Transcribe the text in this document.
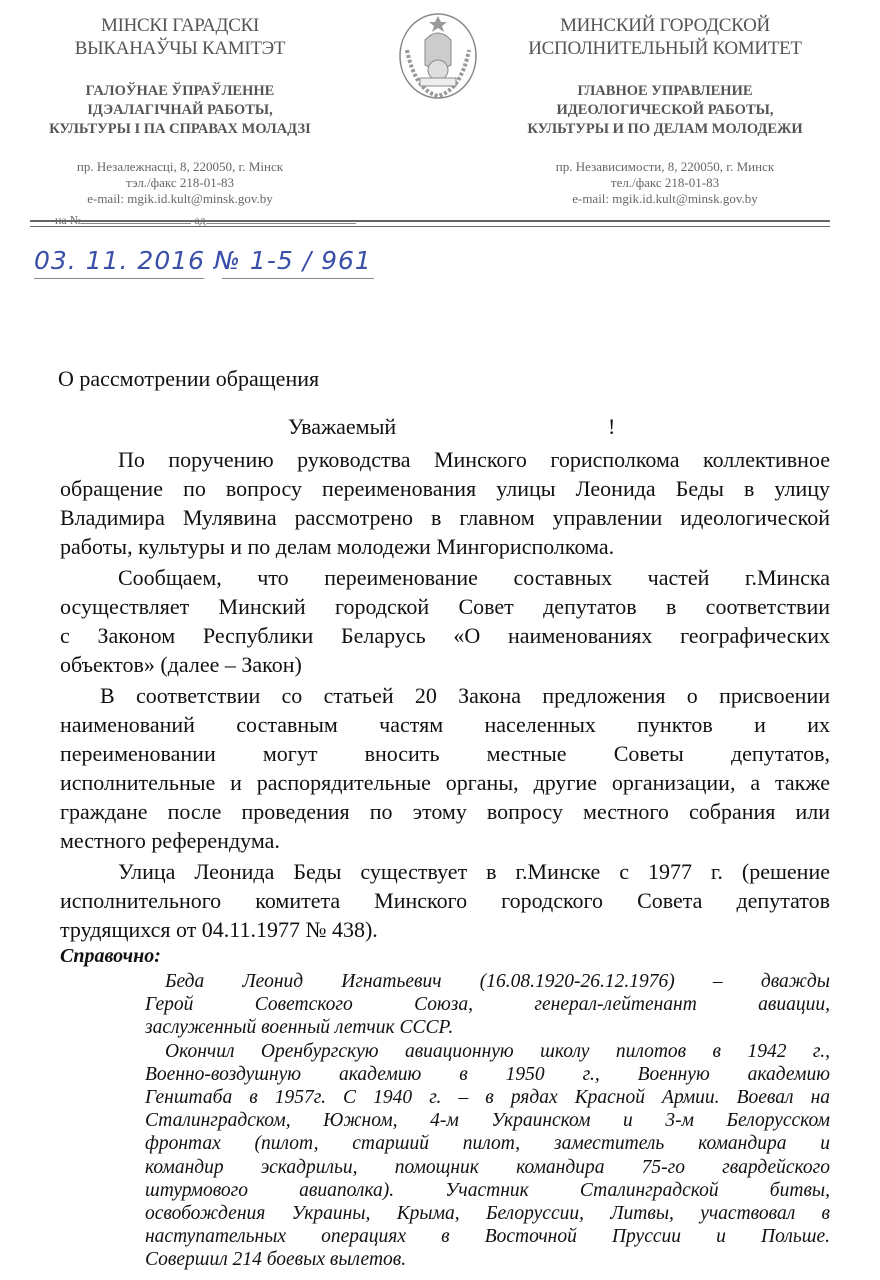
МІНСКІ ГАРАДСКІ
ВЫКАНАЎЧЫ КАМІТЭТ
ГАЛОЎНАЕ ЎПРАЎЛЕННЕ
ІДЭАЛАГІЧНАЙ РАБОТЫ,
КУЛЬТУРЫ І ПА СПРАВАХ МОЛАДЗІ
пр. Незалежнасці, 8, 220050, г. Мінск
тэл./факс 218-01-83
e-mail: mgik.id.kult@minsk.gov.by
МИНСКИЙ ГОРОДСКОЙ
ИСПОЛНИТЕЛЬНЫЙ КОМИТЕТ
ГЛАВНОЕ УПРАВЛЕНИЕ
ИДЕОЛОГИЧЕСКОЙ РАБОТЫ,
КУЛЬТУРЫ И ПО ДЕЛАМ МОЛОДЕЖИ
пр. Независимости, 8, 220050, г. Минск
тел./факс 218-01-83
e-mail: mgik.id.kult@minsk.gov.by
на №	ад
03. 11. 2016 № 1-5 / 961
О рассмотрении обращения
Уважаемый	!
По поручению руководства Минского горисполкома коллективное
обращение по вопросу переименования улицы Леонида Беды в улицу
Владимира Мулявина рассмотрено в главном управлении идеологической
работы, культуры и по делам молодежи Мингорисполкома.
Сообщаем, что переименование составных частей г.Минска
осуществляет Минский городской Совет депутатов в соответствии
с Законом Республики Беларусь «О наименованиях географических
объектов» (далее – Закон)
В соответствии со статьей 20 Закона предложения о присвоении
наименований составным частям населенных пунктов и их
переименовании могут вносить местные Советы депутатов,
исполнительные и распорядительные органы, другие организации, а также
граждане после проведения по этому вопросу местного собрания или
местного референдума.
Улица Леонида Беды существует в г.Минске с 1977 г. (решение
исполнительного комитета Минского городского Совета депутатов
трудящихся от 04.11.1977 № 438).
Справочно:
Беда Леонид Игнатьевич (16.08.1920-26.12.1976) – дважды
Герой Советского Союза, генерал-лейтенант авиации,
заслуженный военный летчик СССР.
Окончил Оренбургскую авиационную школу пилотов в 1942 г.,
Военно-воздушную академию в 1950 г., Военную академию
Генштаба в 1957г. С 1940 г. – в рядах Красной Армии. Воевал на
Сталинградском, Южном, 4-м Украинском и 3-м Белорусском
фронтах (пилот, старший пилот, заместитель командира и
командир эскадрильи, помощник командира 75-го гвардейского
штурмового авиаполка). Участник Сталинградской битвы,
освобождения Украины, Крыма, Белоруссии, Литвы, участвовал в
наступательных операциях в Восточной Пруссии и Польше.
Совершил 214 боевых вылетов.
